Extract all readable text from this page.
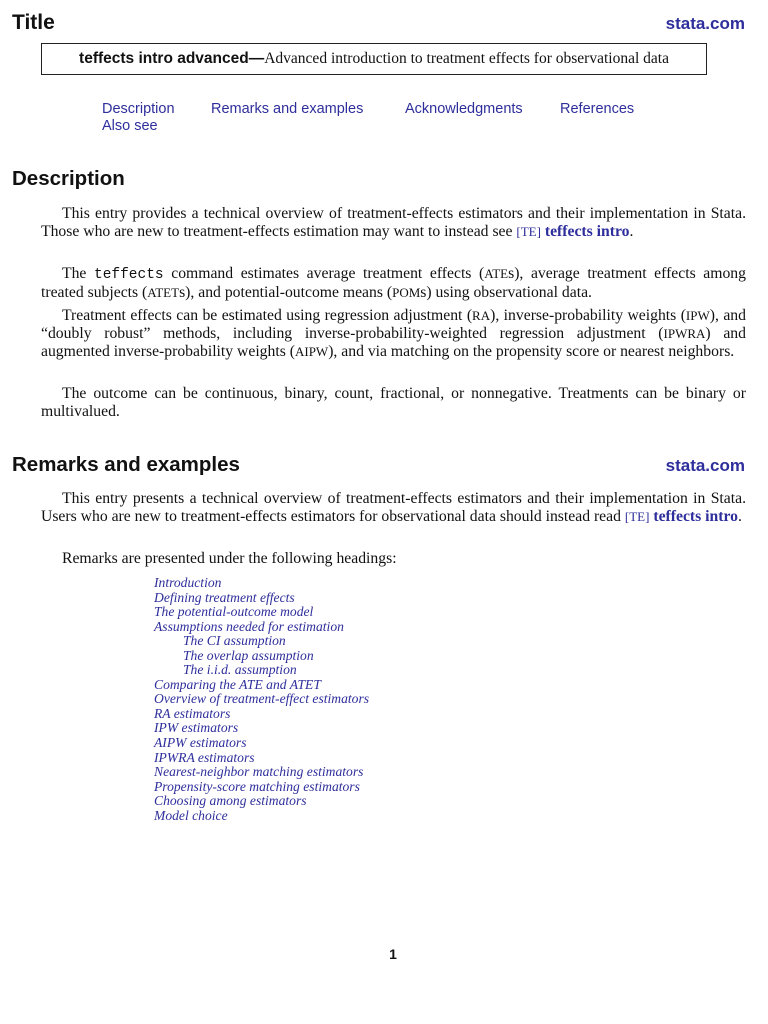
Title	stata.com
teffects intro advanced — Advanced introduction to treatment effects for observational data
Description	Remarks and examples	Acknowledgments	References
Also see
Description

This entry provides a technical overview of treatment-effects estimators and their implementation in Stata. Those who are new to treatment-effects estimation may want to instead see [TE] teffects intro.

The teffects command estimates average treatment effects (ATEs), average treatment effects among treated subjects (ATETs), and potential-outcome means (POMs) using observational data.

Treatment effects can be estimated using regression adjustment (RA), inverse-probability weights (IPW), and “doubly robust” methods, including inverse-probability-weighted regression adjustment (IPWRA) and augmented inverse-probability weights (AIPW), and via matching on the propensity score or nearest neighbors.

The outcome can be continuous, binary, count, fractional, or nonnegative. Treatments can be binary or multivalued.

Remarks and examples	stata.com

This entry presents a technical overview of treatment-effects estimators and their implementation in Stata. Users who are new to treatment-effects estimators for observational data should instead read [TE] teffects intro.

Remarks are presented under the following headings:

Introduction
Defining treatment effects
The potential-outcome model
Assumptions needed for estimation
The CI assumption
The overlap assumption
The i.i.d. assumption
Comparing the ATE and ATET
Overview of treatment-effect estimators
RA estimators
IPW estimators
AIPW estimators
IPWRA estimators
Nearest-neighbor matching estimators
Propensity-score matching estimators
Choosing among estimators
Model choice
1
